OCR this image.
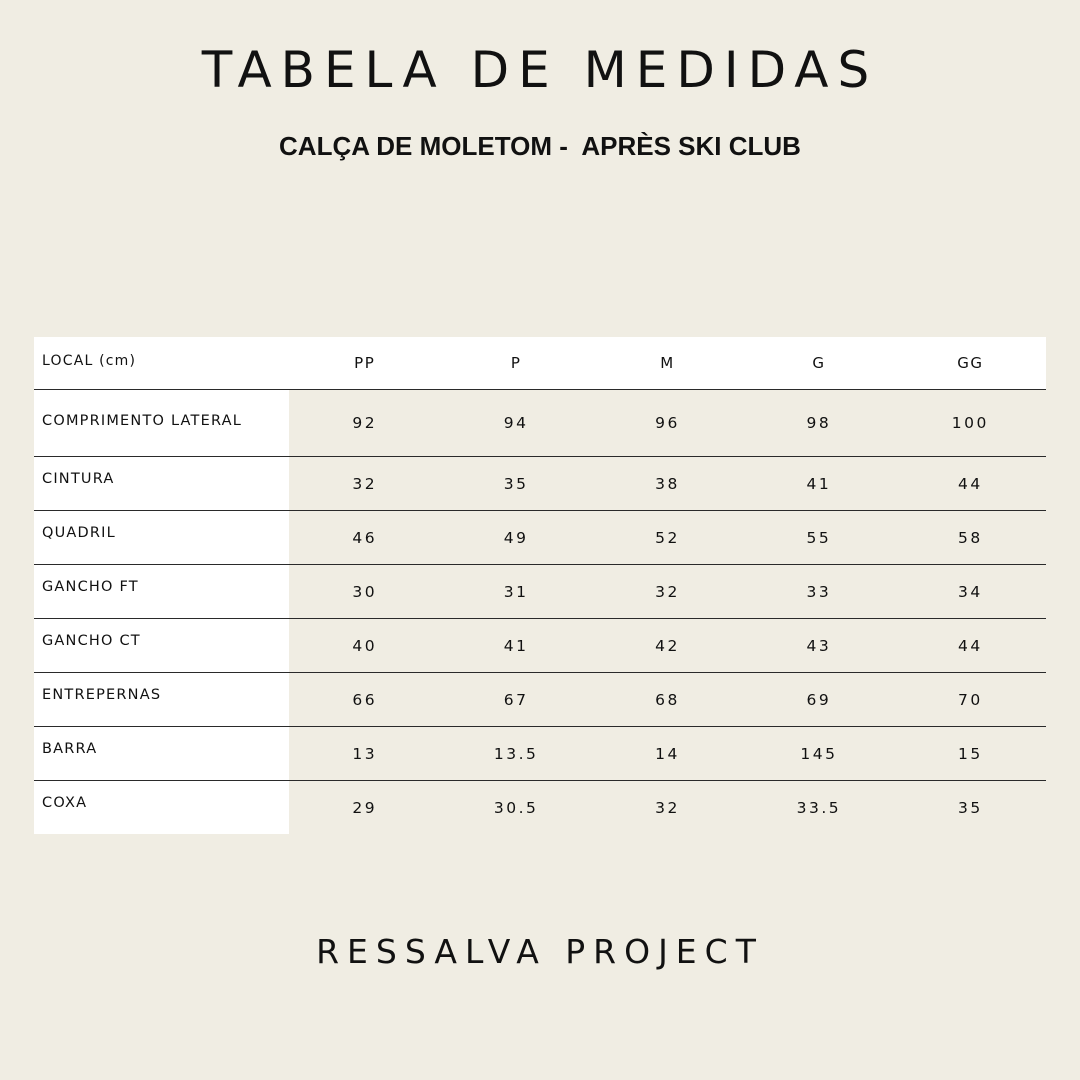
TABELA DE MEDIDAS
CALÇA DE MOLETOM -  APRÈS SKI CLUB
LOCAL (cm)	PP	P	M	G	GG
COMPRIMENTO LATERAL	92	94	96	98	100
CINTURA	32	35	38	41	44
QUADRIL	46	49	52	55	58
GANCHO FT	30	31	32	33	34
GANCHO CT	40	41	42	43	44
ENTREPERNAS	66	67	68	69	70
BARRA	13	13.5	14	145	15
COXA	29	30.5	32	33.5	35
RESSALVA PROJECT
